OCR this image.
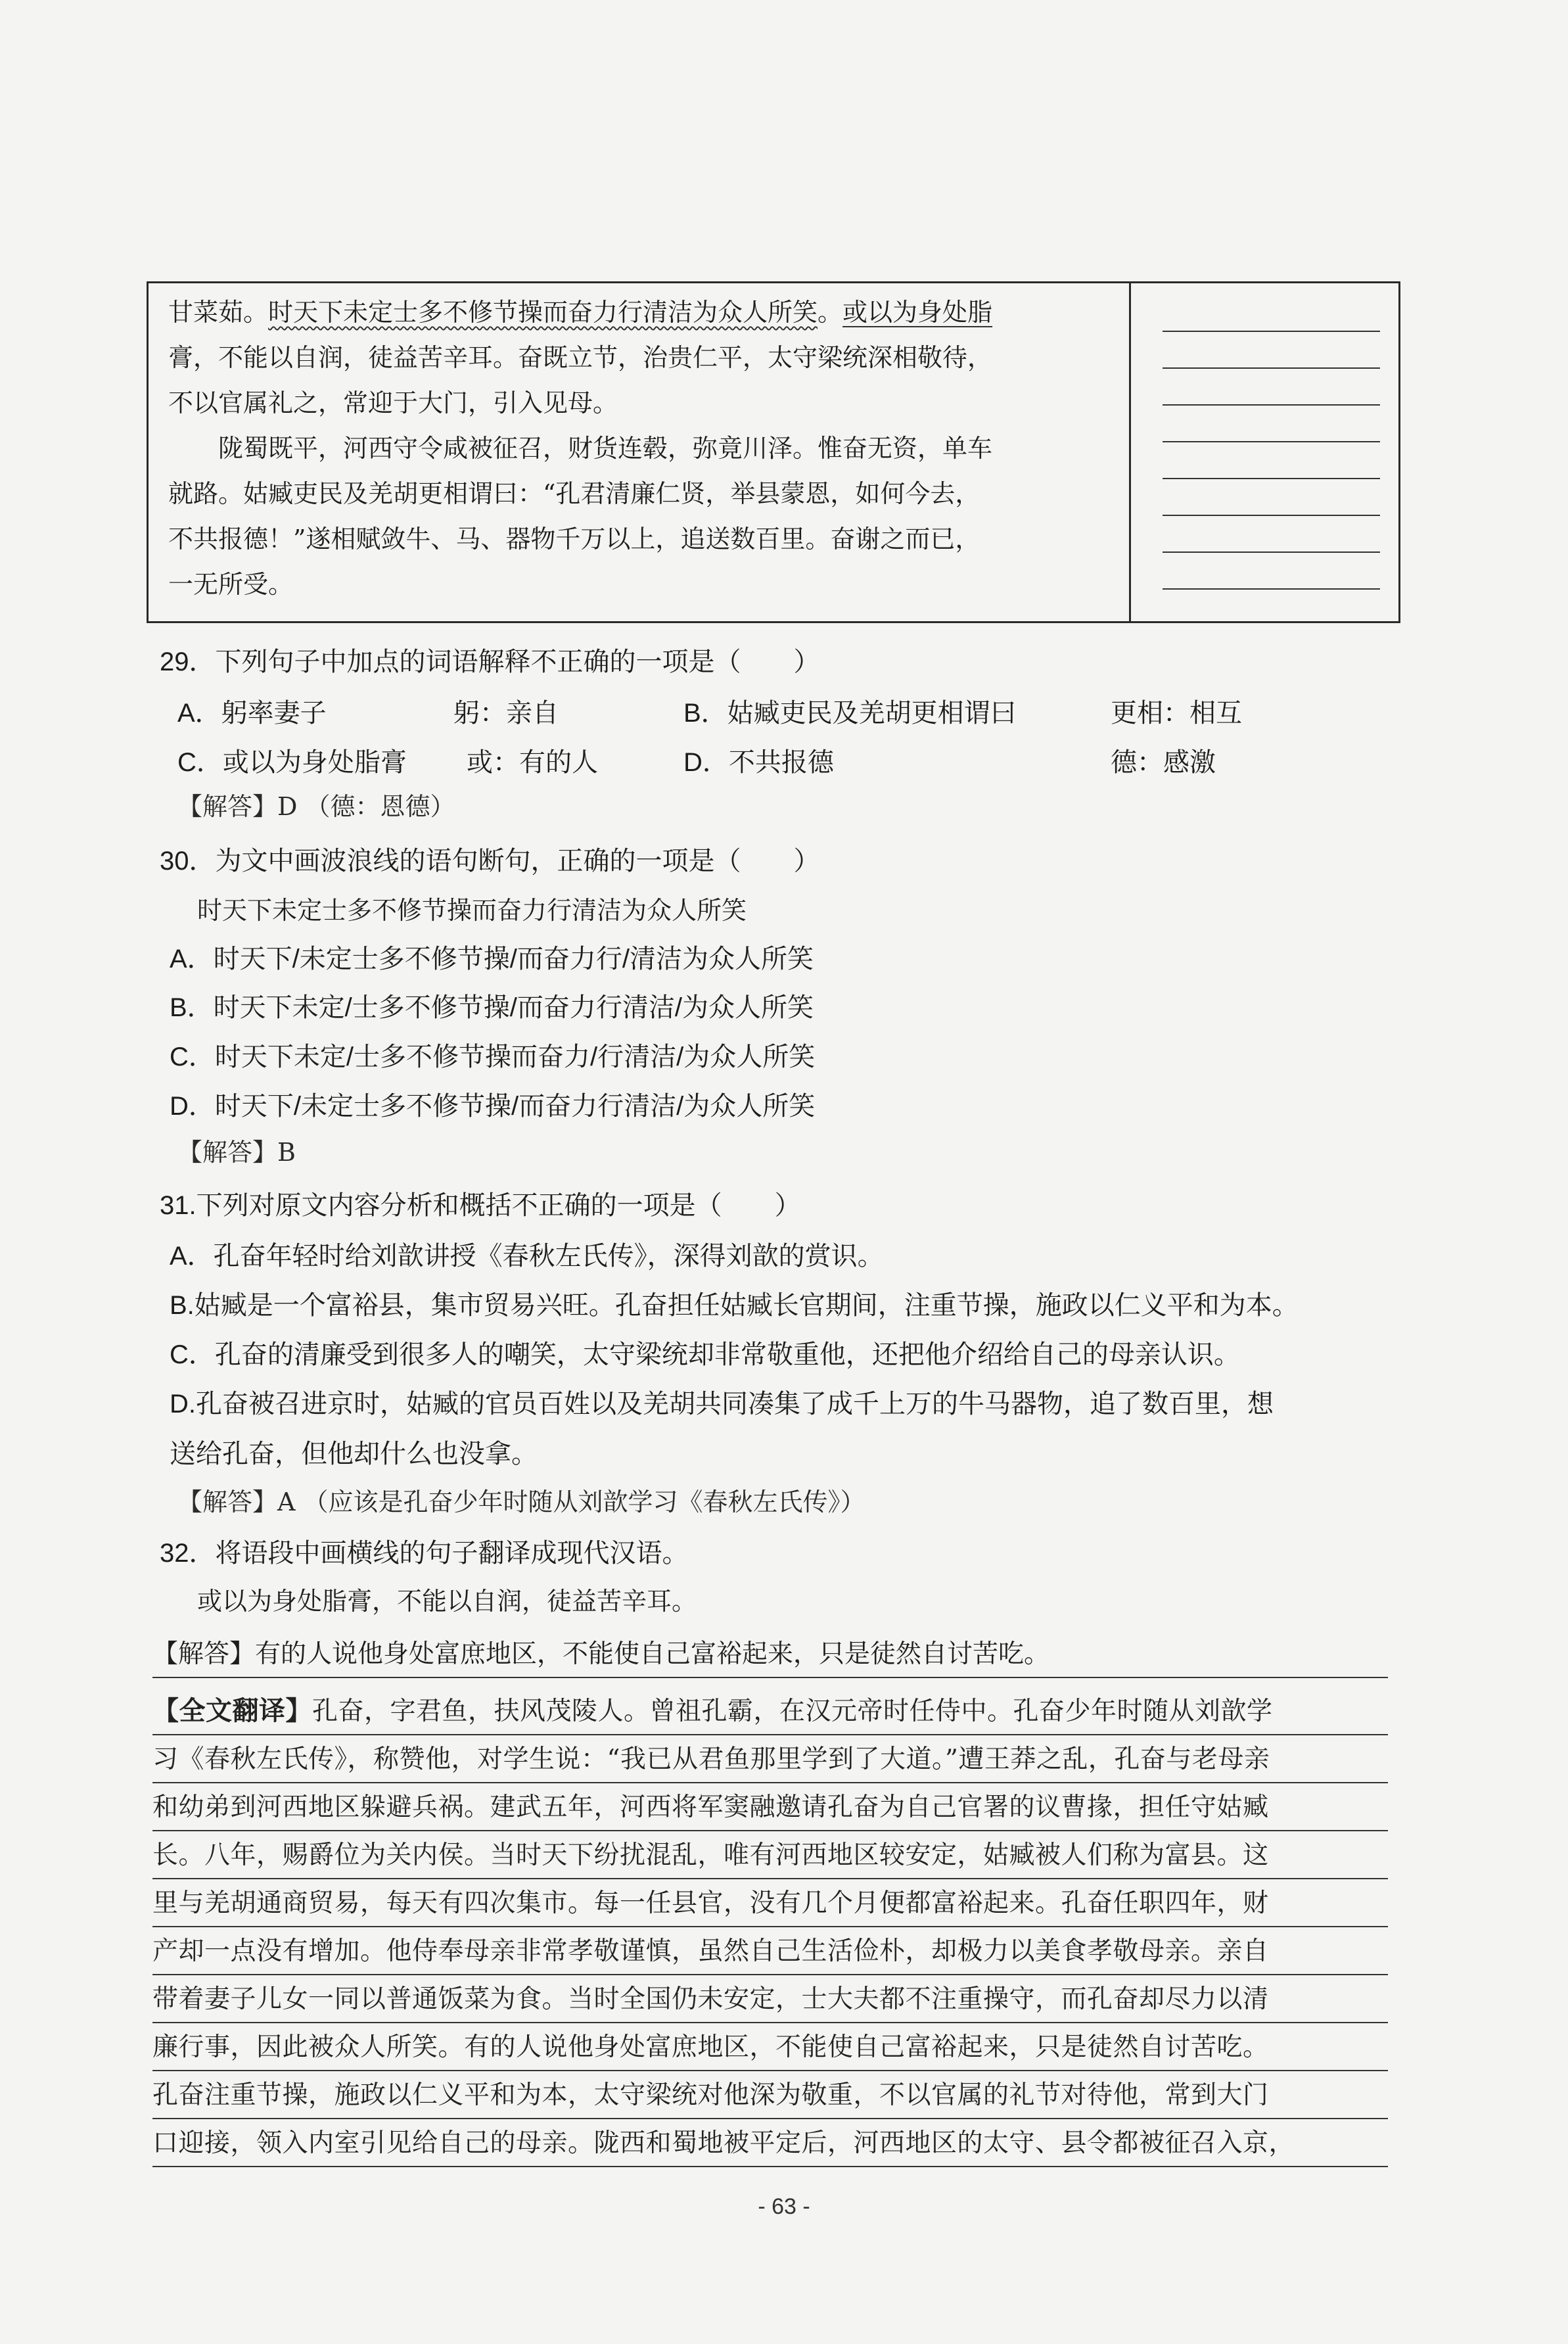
甘菜茹。时天下未定士多不修节操而奋力行清洁为众人所笑。或以为身处脂

膏，不能以自润，徒益苦辛耳。奋既立节，治贵仁平，太守梁统深相敬待，

不以官属礼之，常迎于大门，引入见母。

陇蜀既平，河西守令咸被征召，财货连毂，弥竟川泽。惟奋无资，单车

就路。姑臧吏民及羌胡更相谓曰：“孔君清廉仁贤，举县蒙恩，如何今去，

不共报德！”遂相赋敛牛、马、器物千万以上，追送数百里。奋谢之而已，

一无所受。

29．下列句子中加点的词语解释不正确的一项是（　　）
A．躬率妻子	躬：亲自	B．姑臧吏民及羌胡更相谓曰	更相：相互
C．或以为身处脂膏 或：有的人	D．不共报德	德：感激
【解答】D （德：恩德）
30．为文中画波浪线的语句断句，正确的一项是（　　）
时天下未定士多不修节操而奋力行清洁为众人所笑
A．时天下/未定士多不修节操/而奋力行/清洁为众人所笑
B．时天下未定/士多不修节操/而奋力行清洁/为众人所笑
C．时天下未定/士多不修节操而奋力/行清洁/为众人所笑
D．时天下/未定士多不修节操/而奋力行清洁/为众人所笑
【解答】B
31.下列对原文内容分析和概括不正确的一项是（　　）
A．孔奋年轻时给刘歆讲授《春秋左氏传》，深得刘歆的赏识。
B.姑臧是一个富裕县，集市贸易兴旺。孔奋担任姑臧长官期间，注重节操，施政以仁义平和为本。
C．孔奋的清廉受到很多人的嘲笑，太守梁统却非常敬重他，还把他介绍给自己的母亲认识。
D.孔奋被召进京时，姑臧的官员百姓以及羌胡共同凑集了成千上万的牛马器物，追了数百里，想
送给孔奋，但他却什么也没拿。
【解答】A （应该是孔奋少年时随从刘歆学习《春秋左氏传》）
32．将语段中画横线的句子翻译成现代汉语。
或以为身处脂膏，不能以自润，徒益苦辛耳。
【解答】有的人说他身处富庶地区，不能使自己富裕起来，只是徒然自讨苦吃。
【全文翻译】孔奋，字君鱼，扶风茂陵人。曾祖孔霸，在汉元帝时任侍中。孔奋少年时随从刘歆学
习《春秋左氏传》，称赞他，对学生说：“我已从君鱼那里学到了大道。”遭王莽之乱，孔奋与老母亲
和幼弟到河西地区躲避兵祸。建武五年，河西将军窦融邀请孔奋为自己官署的议曹掾，担任守姑臧
长。八年，赐爵位为关内侯。当时天下纷扰混乱，唯有河西地区较安定，姑臧被人们称为富县。这
里与羌胡通商贸易，每天有四次集市。每一任县官，没有几个月便都富裕起来。孔奋任职四年，财
产却一点没有增加。他侍奉母亲非常孝敬谨慎，虽然自己生活俭朴，却极力以美食孝敬母亲。亲自
带着妻子儿女一同以普通饭菜为食。当时全国仍未安定，士大夫都不注重操守，而孔奋却尽力以清
廉行事，因此被众人所笑。有的人说他身处富庶地区，不能使自己富裕起来，只是徒然自讨苦吃。
孔奋注重节操，施政以仁义平和为本，太守梁统对他深为敬重，不以官属的礼节对待他，常到大门
口迎接，领入内室引见给自己的母亲。陇西和蜀地被平定后，河西地区的太守、县令都被征召入京，
- 63 -
